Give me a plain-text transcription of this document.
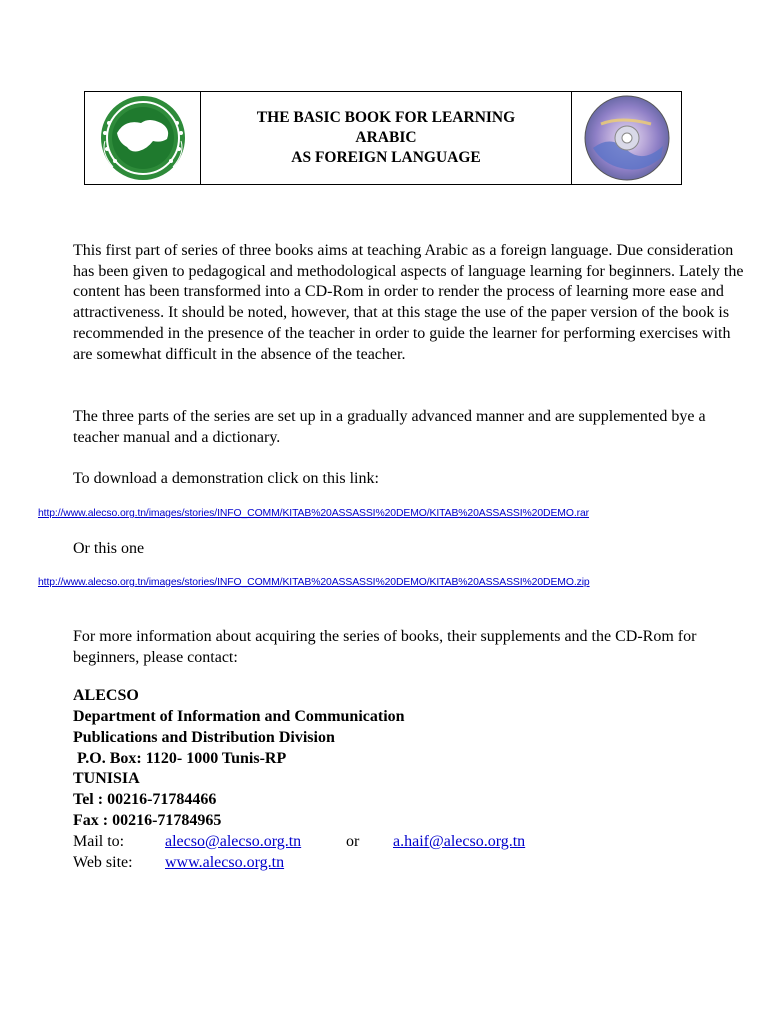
THE BASIC BOOK FOR LEARNING
ARABIC
AS FOREIGN LANGUAGE

This first part of series of three books aims at teaching Arabic as a foreign language. Due consideration has been given to pedagogical and methodological aspects of language learning for beginners. Lately the content has been transformed into a CD-Rom in order to render the process of learning more ease and attractiveness. It should be noted, however, that at this stage the use of the paper version of the book is recommended in the presence of the teacher in order to guide the learner for performing exercises with are somewhat difficult in the absence of the teacher.

The three parts of the series are set up in a gradually advanced manner and are supplemented bye a teacher manual and a dictionary.

To download a demonstration click on this link:

http://www.alecso.org.tn/images/stories/INFO_COMM/KITAB%20ASSASSI%20DEMO/KITAB%20ASSASSI%20DEMO.rar

Or this one

http://www.alecso.org.tn/images/stories/INFO_COMM/KITAB%20ASSASSI%20DEMO/KITAB%20ASSASSI%20DEMO.zip

For more information about acquiring the series of books, their supplements and the CD-Rom for beginners, please contact:

ALECSO
Department of Information and Communication
Publications and Distribution Division
P.O. Box: 1120- 1000 Tunis-RP
TUNISIA
Tel : 00216-71784466
Fax : 00216-71784965
Mail to:	alecso@alecso.org.tn	or a.haif@alecso.org.tn
Web site: www.alecso.org.tn
